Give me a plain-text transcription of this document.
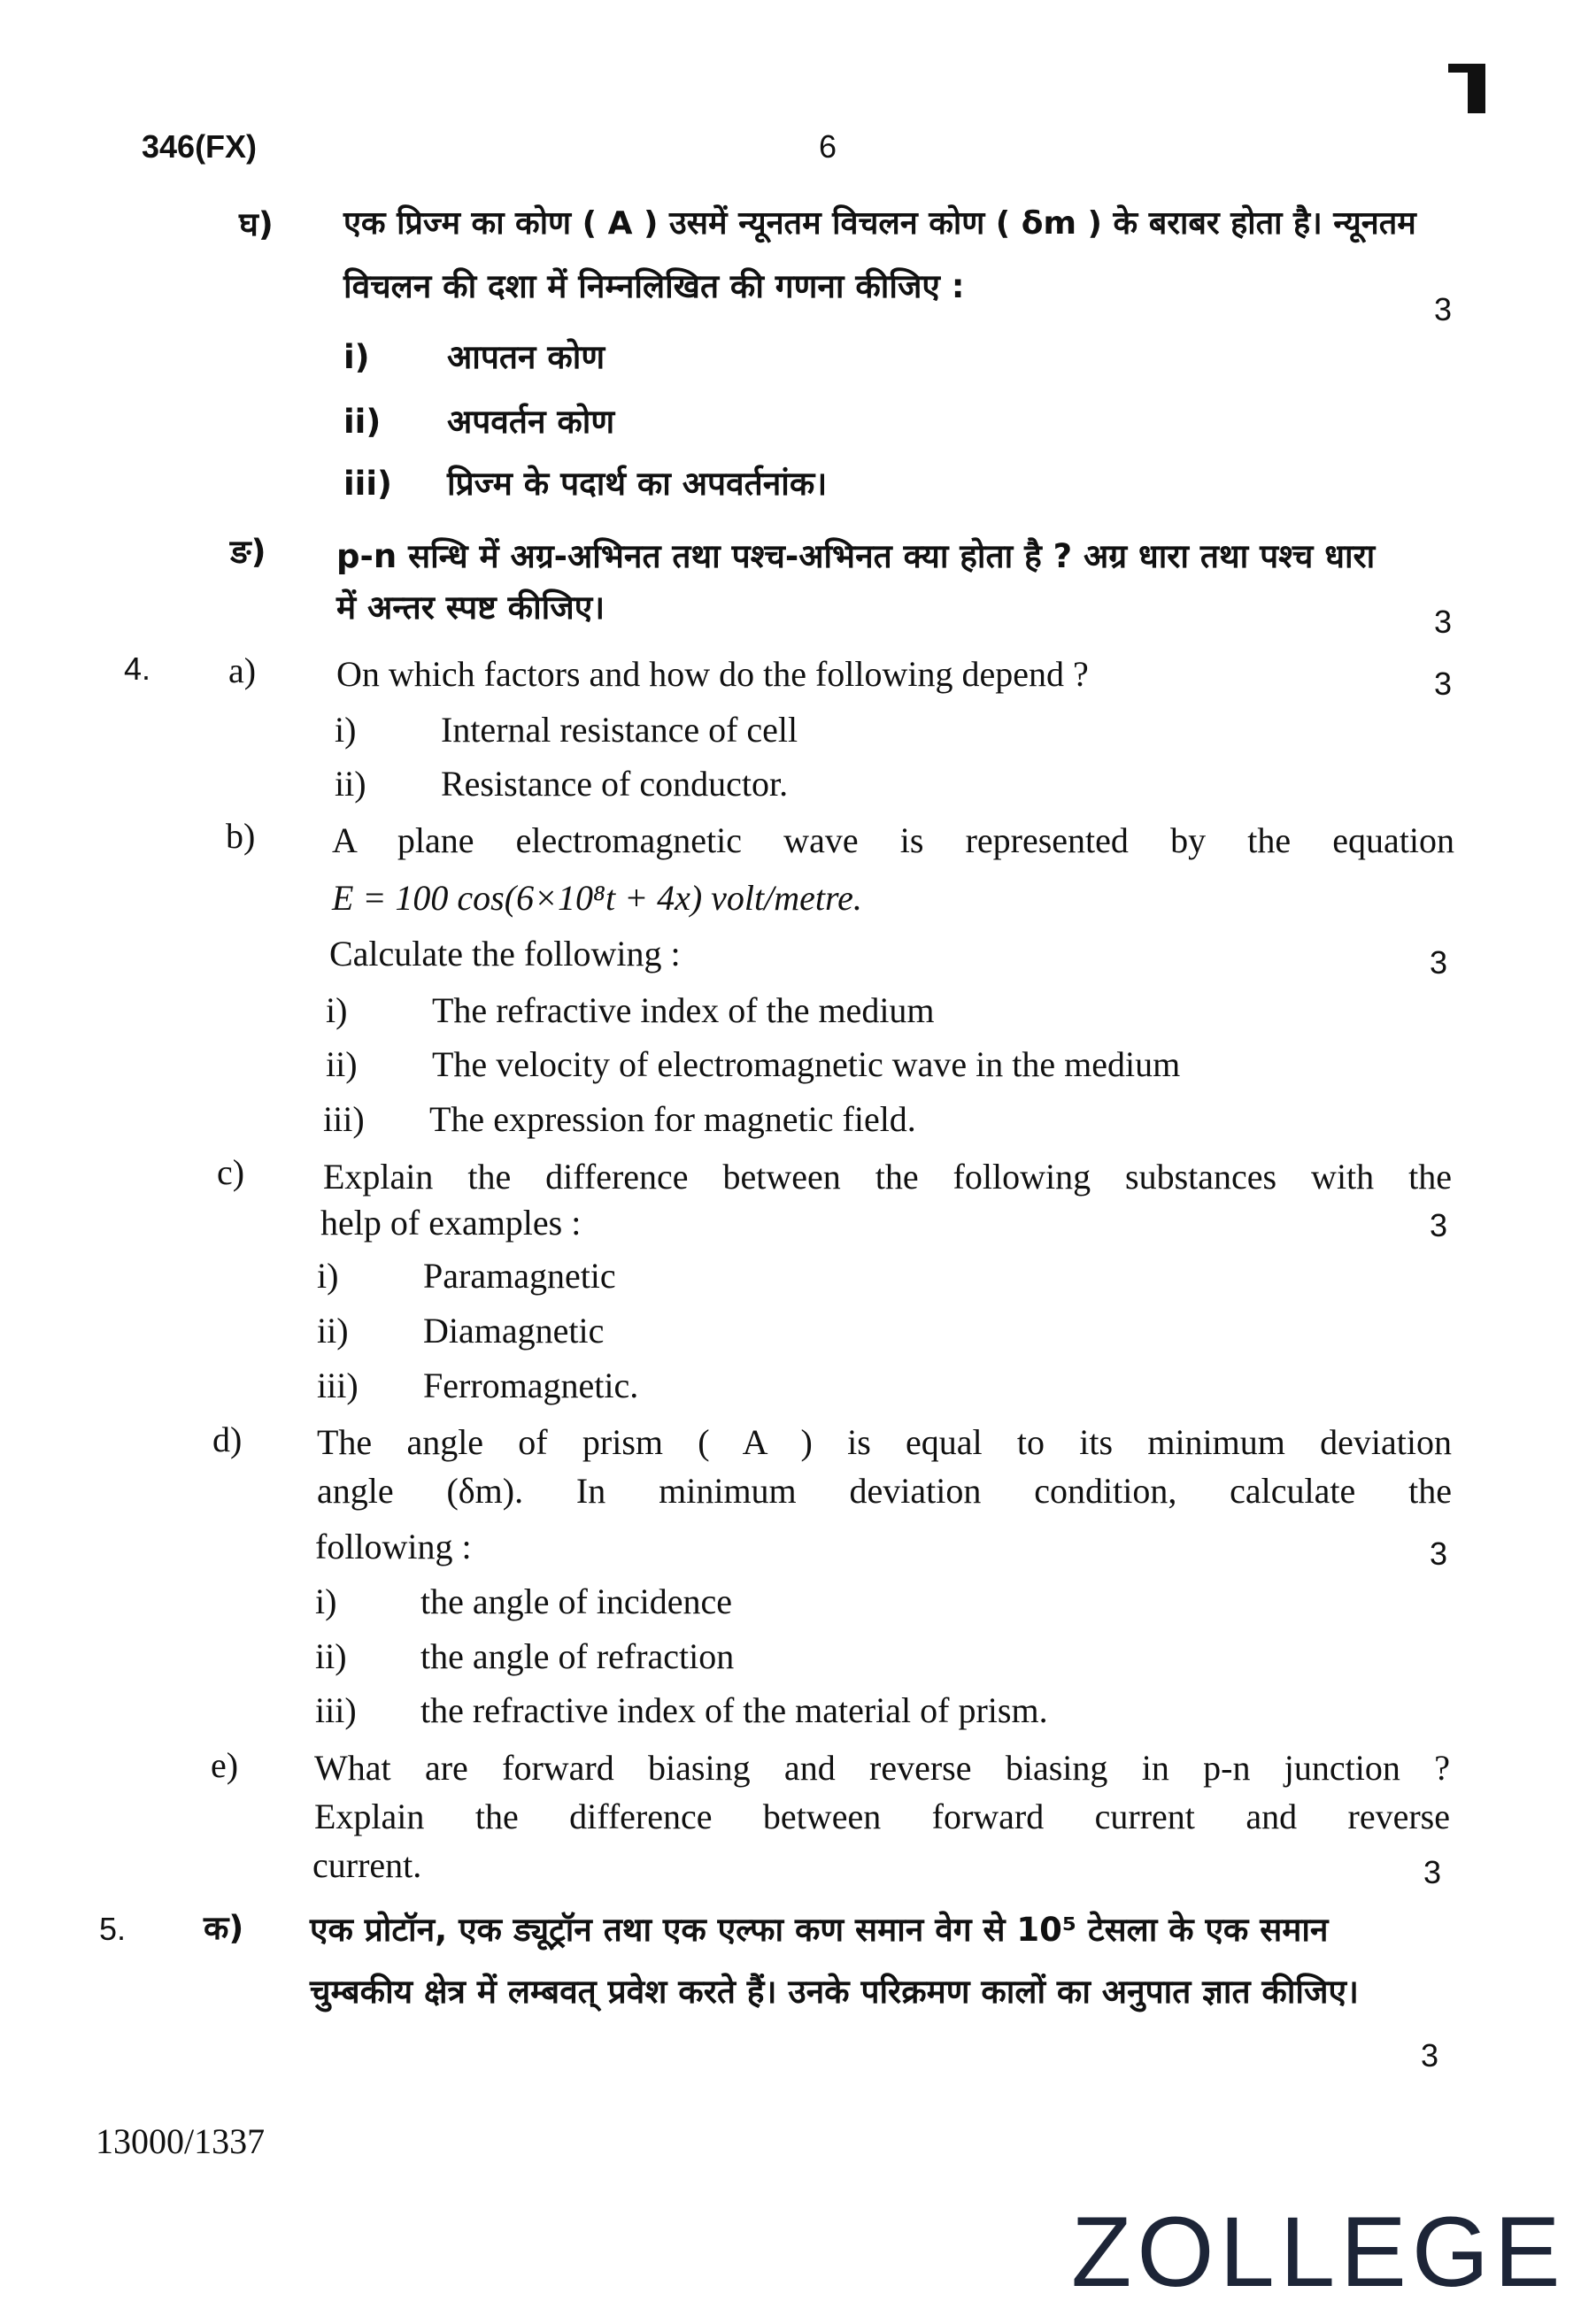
346(FX)	6
घ) एक प्रिज्म का कोण ( A ) उसमें न्यूनतम विचलन कोण ( δm ) के बराबर होता है। न्यूनतम
विचलन की दशा में निम्नलिखित की गणना कीजिए :
3
i) आपतन कोण
ii) अपवर्तन कोण
iii) प्रिज्म के पदार्थ का अपवर्तनांक।
ङ) p-n सन्धि में अग्र-अभिनत तथा पश्च-अभिनत क्या होता है ? अग्र धारा तथा पश्च धारा
में अन्तर स्पष्ट कीजिए।	3
4. a) On which factors and how do the following depend ?	3
i) Internal resistance of cell
ii) Resistance of conductor.
b) A plane electromagnetic wave is represented by the equation
E = 100 cos(6×10⁸t + 4x) volt/metre.
Calculate the following :	3
i) The refractive index of the medium
ii) The velocity of electromagnetic wave in the medium
iii) The expression for magnetic field.
c) Explain the difference between the following substances with the
help of examples :	3
i) Paramagnetic
ii) Diamagnetic
iii) Ferromagnetic.
d) The angle of prism ( A ) is equal to its minimum deviation
angle (δm). In minimum deviation condition, calculate the
following :	3
i) the angle of incidence
ii) the angle of refraction
iii) the refractive index of the material of prism.
e) What are forward biasing and reverse biasing in p-n junction ?
Explain the difference between forward current and reverse
current.	3
5. क) एक प्रोटॉन, एक ड्यूट्रॉन तथा एक एल्फा कण समान वेग से 10⁵ टेसला के एक समान
चुम्बकीय क्षेत्र में लम्बवत् प्रवेश करते हैं। उनके परिक्रमण कालों का अनुपात ज्ञात कीजिए।
3
13000/1337
ZOLLEGE
